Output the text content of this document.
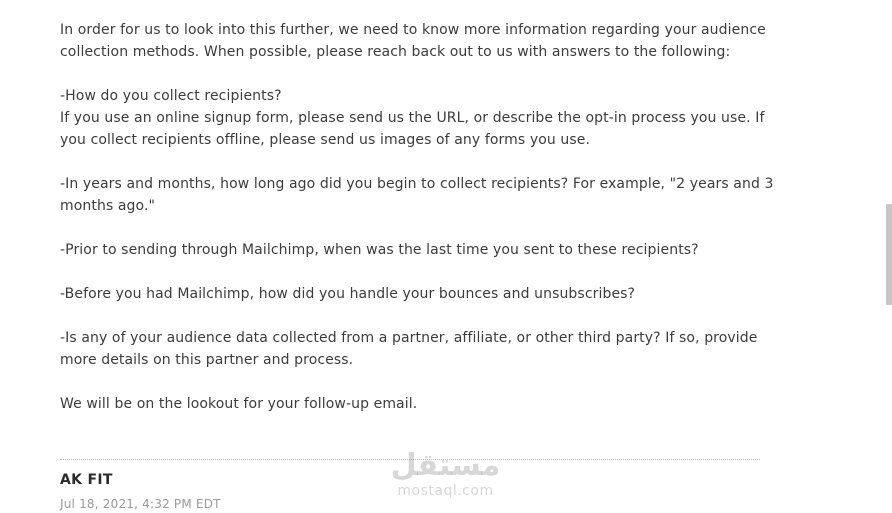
In order for us to look into this further, we need to know more information regarding your audience
collection methods. When possible, please reach back out to us with answers to the following:

-How do you collect recipients?
If you use an online signup form, please send us the URL, or describe the opt-in process you use. If
you collect recipients offline, please send us images of any forms you use.

-In years and months, how long ago did you begin to collect recipients? For example, "2 years and 3
months ago."

-Prior to sending through Mailchimp, when was the last time you sent to these recipients?

-Before you had Mailchimp, how did you handle your bounces and unsubscribes?

-Is any of your audience data collected from a partner, affiliate, or other third party? If so, provide
more details on this partner and process.

We will be on the lookout for your follow-up email.

AK FIT
Jul 18, 2021, 4:32 PM EDT
مستقل
mostaql.com
